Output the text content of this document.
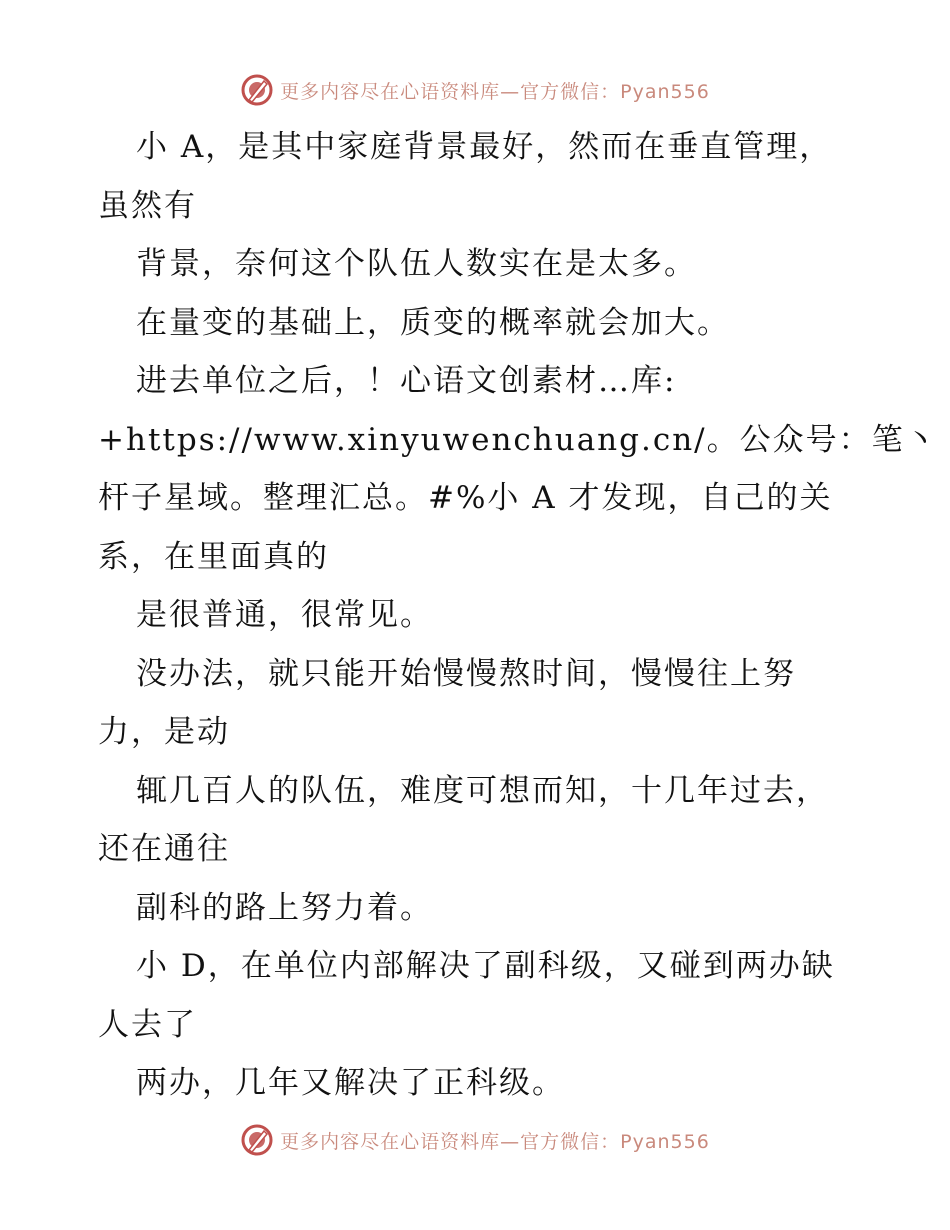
更多内容尽在心语资料库—官方微信：Pyan556
小 A，是其中家庭背景最好，然而在垂直管理，
虽然有
背景，奈何这个队伍人数实在是太多。
在量变的基础上，质变的概率就会加大。
进去单位之后，！心语文创素材…库:
+https://www.xinyuwenchuang.cn/。公众号：笔丶
杆子星域。整理汇总。#%小 A 才发现，自己的关
系，在里面真的
是很普通，很常见。
没办法，就只能开始慢慢熬时间，慢慢往上努
力，是动
辄几百人的队伍，难度可想而知，十几年过去，
还在通往
副科的路上努力着。
小 D，在单位内部解决了副科级，又碰到两办缺
人去了
两办，几年又解决了正科级。
更多内容尽在心语资料库—官方微信：Pyan556
